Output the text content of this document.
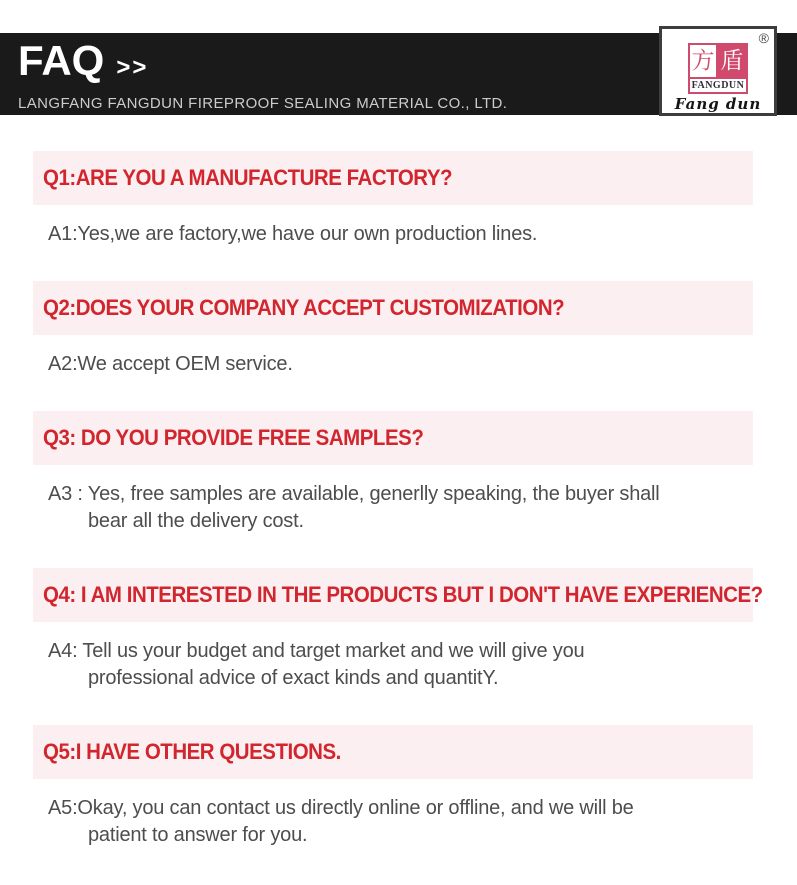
FAQ >>
LANGFANG FANGDUN FIREPROOF SEALING MATERIAL CO., LTD.
®
方 盾
FANGDUN
Fang dun
Q1:ARE YOU A MANUFACTURE FACTORY?
A1:Yes,we are factory,we have our own production lines.
Q2:DOES YOUR COMPANY ACCEPT CUSTOMIZATION?
A2:We accept OEM service.
Q3: DO YOU PROVIDE FREE SAMPLES?
A3 : Yes, free samples are available, generlly speaking, the buyer shall
bear all the delivery cost.
Q4: I AM INTERESTED IN THE PRODUCTS BUT I DON'T HAVE EXPERIENCE?
A4: Tell us your budget and target market and we will give you
professional advice of exact kinds and quantitY.
Q5:I HAVE OTHER QUESTIONS.
A5:Okay, you can contact us directly online or offline, and we will be
patient to answer for you.
